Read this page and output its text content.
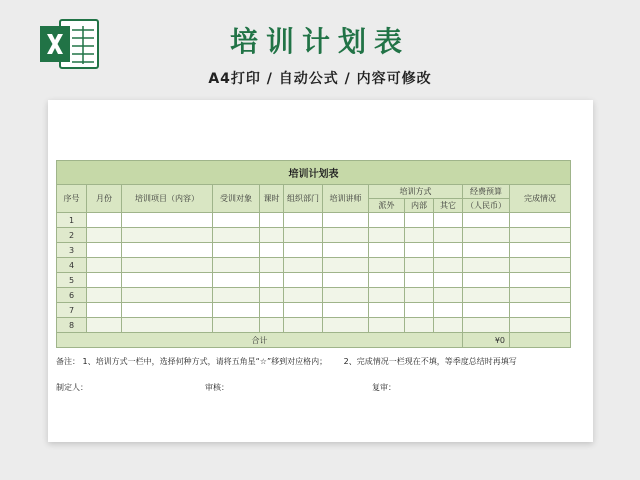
培训计划表
A4打印 / 自动公式 / 内容可修改
培训计划表											
序号	月份	培训项目（内容）	受训对象	课时	组织部门	培训讲师	培训方式			经费预算	完成情况
							派外	内部	其它	（人民币）	
1											
2											
3											
4											
5											
6											
7											
8											
合计										¥0	
备注： 1、培训方式一栏中，选择何种方式，请将五角星“☆”移到对应格内； 2、完成情况一栏现在不填，等季度总结时再填写
制定人：	审核：	复审：
